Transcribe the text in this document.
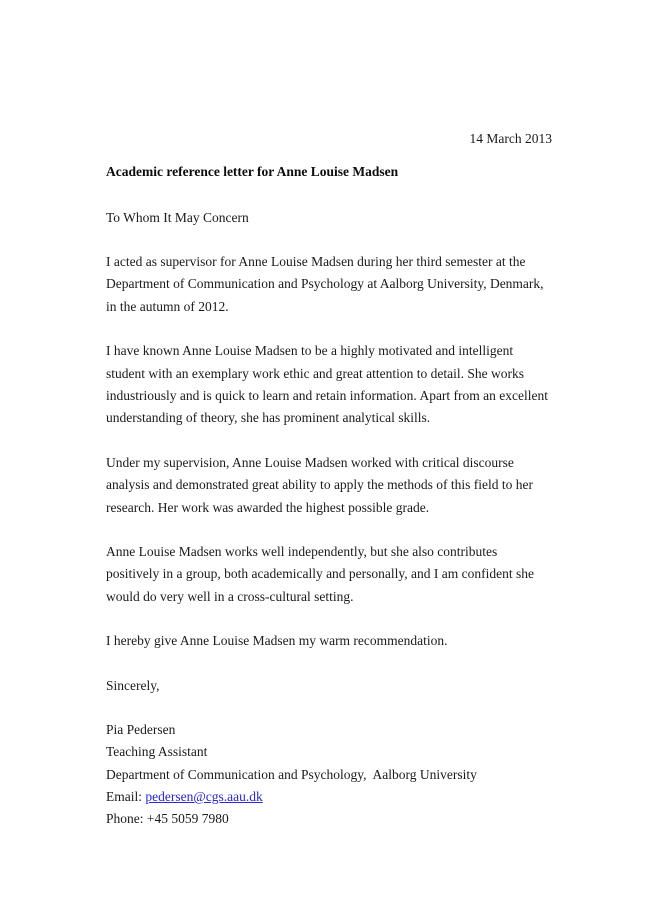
14 March 2013
Academic reference letter for Anne Louise Madsen
To Whom It May Concern

I acted as supervisor for Anne Louise Madsen during her third semester at the Department of Communication and Psychology at Aalborg University, Denmark, in the autumn of 2012.

I have known Anne Louise Madsen to be a highly motivated and intelligent student with an exemplary work ethic and great attention to detail. She works industriously and is quick to learn and retain information. Apart from an excellent understanding of theory, she has prominent analytical skills.

Under my supervision, Anne Louise Madsen worked with critical discourse analysis and demonstrated great ability to apply the methods of this field to her research. Her work was awarded the highest possible grade.

Anne Louise Madsen works well independently, but she also contributes positively in a group, both academically and personally, and I am confident she would do very well in a cross-cultural setting.

I hereby give Anne Louise Madsen my warm recommendation.

Sincerely,
Pia Pedersen
Teaching Assistant
Department of Communication and Psychology,  Aalborg University
Email: pedersen@cgs.aau.dk
Phone: +45 5059 7980
